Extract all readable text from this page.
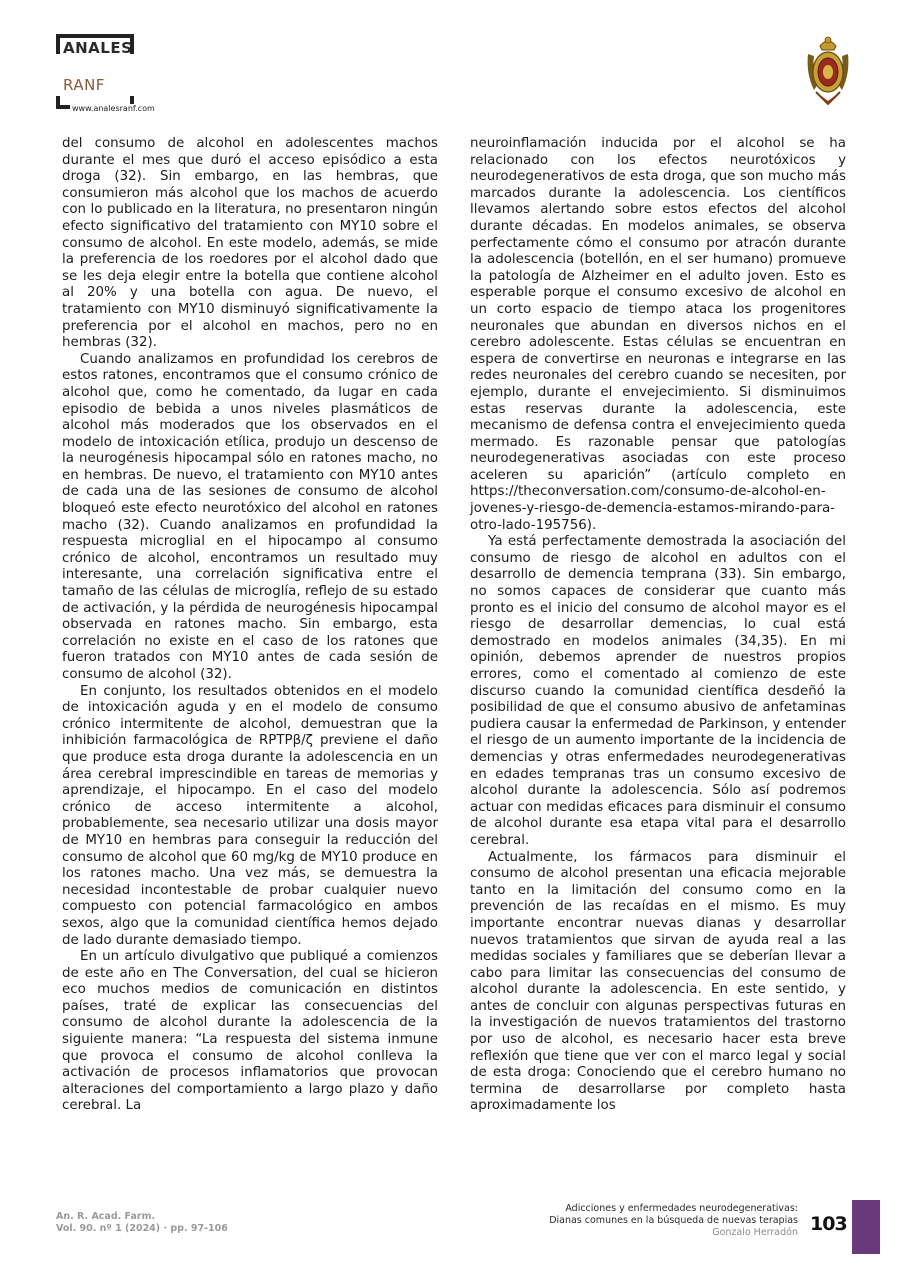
ANALES
RANF
www.analesranf.com

del consumo de alcohol en adolescentes machos durante el mes que duró el acceso episódico a esta droga (32). Sin embargo, en las hembras, que consumieron más alcohol que los machos de acuerdo con lo publicado en la literatura, no presentaron ningún efecto significativo del tratamiento con MY10 sobre el consumo de alcohol. En este modelo, además, se mide la preferencia de los roedores por el alcohol dado que se les deja elegir entre la botella que contiene alcohol al 20% y una botella con agua. De nuevo, el tratamiento con MY10 disminuyó significativamente la preferencia por el alcohol en machos, pero no en hembras (32).

Cuando analizamos en profundidad los cerebros de estos ratones, encontramos que el consumo crónico de alcohol que, como he comentado, da lugar en cada episodio de bebida a unos niveles plasmáticos de alcohol más moderados que los observados en el modelo de intoxicación etílica, produjo un descenso de la neurogénesis hipocampal sólo en ratones macho, no en hembras. De nuevo, el tratamiento con MY10 antes de cada una de las sesiones de consumo de alcohol bloqueó este efecto neurotóxico del alcohol en ratones macho (32). Cuando analizamos en profundidad la respuesta microglial en el hipocampo al consumo crónico de alcohol, encontramos un resultado muy interesante, una correlación significativa entre el tamaño de las células de microglía, reflejo de su estado de activación, y la pérdida de neurogénesis hipocampal observada en ratones macho. Sin embargo, esta correlación no existe en el caso de los ratones que fueron tratados con MY10 antes de cada sesión de consumo de alcohol (32).

En conjunto, los resultados obtenidos en el modelo de intoxicación aguda y en el modelo de consumo crónico intermitente de alcohol, demuestran que la inhibición farmacológica de RPTPβ/ζ previene el daño que produce esta droga durante la adolescencia en un área cerebral imprescindible en tareas de memorias y aprendizaje, el hipocampo. En el caso del modelo crónico de acceso intermitente a alcohol, probablemente, sea necesario utilizar una dosis mayor de MY10 en hembras para conseguir la reducción del consumo de alcohol que 60 mg/kg de MY10 produce en los ratones macho. Una vez más, se demuestra la necesidad incontestable de probar cualquier nuevo compuesto con potencial farmacológico en ambos sexos, algo que la comunidad científica hemos dejado de lado durante demasiado tiempo.

En un artículo divulgativo que publiqué a comienzos de este año en The Conversation, del cual se hicieron eco muchos medios de comunicación en distintos países, traté de explicar las consecuencias del consumo de alcohol durante la adolescencia de la siguiente manera: “La respuesta del sistema inmune que provoca el consumo de alcohol conlleva la activación de procesos inflamatorios que provocan alteraciones del comportamiento a largo plazo y daño cerebral. La

neuroinflamación inducida por el alcohol se ha relacionado con los efectos neurotóxicos y neurodegenerativos de esta droga, que son mucho más marcados durante la adolescencia. Los científicos llevamos alertando sobre estos efectos del alcohol durante décadas. En modelos animales, se observa perfectamente cómo el consumo por atracón durante la adolescencia (botellón, en el ser humano) promueve la patología de Alzheimer en el adulto joven. Esto es esperable porque el consumo excesivo de alcohol en un corto espacio de tiempo ataca los progenitores neuronales que abundan en diversos nichos en el cerebro adolescente. Estas células se encuentran en espera de convertirse en neuronas e integrarse en las redes neuronales del cerebro cuando se necesiten, por ejemplo, durante el envejecimiento. Si disminuimos estas reservas durante la adolescencia, este mecanismo de defensa contra el envejecimiento queda mermado. Es razonable pensar que patologías neurodegenerativas asociadas con este proceso aceleren su aparición” (artículo completo en https://theconversation.com/consumo-de-alcohol-en-jovenes-y-riesgo-de-demencia-estamos-mirando-para-otro-lado-195756).

Ya está perfectamente demostrada la asociación del consumo de riesgo de alcohol en adultos con el desarrollo de demencia temprana (33). Sin embargo, no somos capaces de considerar que cuanto más pronto es el inicio del consumo de alcohol mayor es el riesgo de desarrollar demencias, lo cual está demostrado en modelos animales (34,35). En mi opinión, debemos aprender de nuestros propios errores, como el comentado al comienzo de este discurso cuando la comunidad científica desdeñó la posibilidad de que el consumo abusivo de anfetaminas pudiera causar la enfermedad de Parkinson, y entender el riesgo de un aumento importante de la incidencia de demencias y otras enfermedades neurodegenerativas en edades tempranas tras un consumo excesivo de alcohol durante la adolescencia. Sólo así podremos actuar con medidas eficaces para disminuir el consumo de alcohol durante esa etapa vital para el desarrollo cerebral.

Actualmente, los fármacos para disminuir el consumo de alcohol presentan una eficacia mejorable tanto en la limitación del consumo como en la prevención de las recaídas en el mismo. Es muy importante encontrar nuevas dianas y desarrollar nuevos tratamientos que sirvan de ayuda real a las medidas sociales y familiares que se deberían llevar a cabo para limitar las consecuencias del consumo de alcohol durante la adolescencia. En este sentido, y antes de concluir con algunas perspectivas futuras en la investigación de nuevos tratamientos del trastorno por uso de alcohol, es necesario hacer esta breve reflexión que tiene que ver con el marco legal y social de esta droga: Conociendo que el cerebro humano no termina de desarrollarse por completo hasta aproximadamente los

An. R. Acad. Farm.
Vol. 90. nº 1 (2024) · pp. 97-106
Adicciones y enfermedades neurodegenerativas:
Dianas comunes en la búsqueda de nuevas terapias
Gonzalo Herradón 103
